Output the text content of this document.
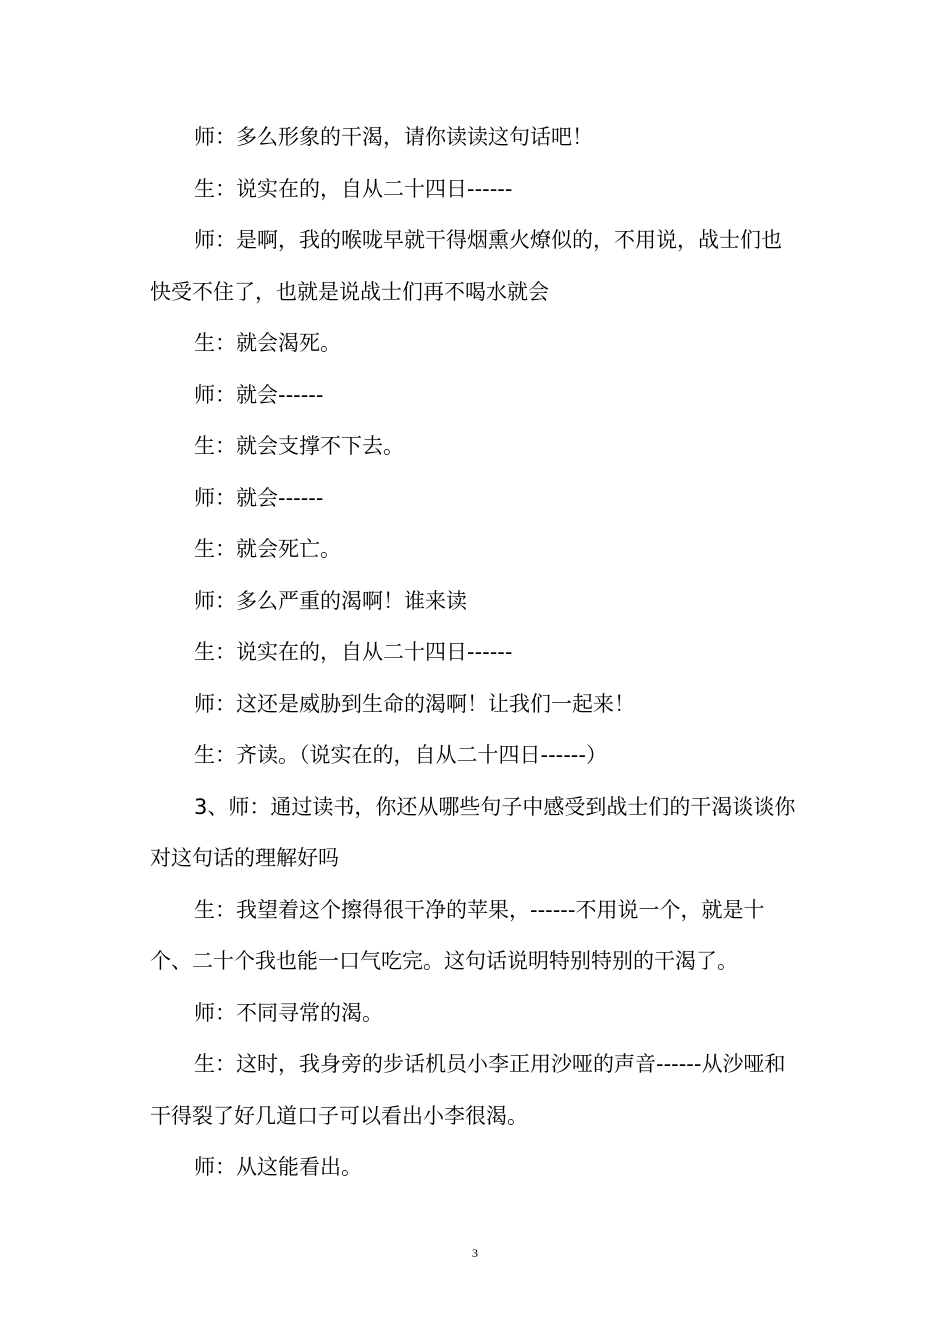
师：多么形象的干渴，请你读读这句话吧！

生：说实在的，自从二十四日------

师：是啊，我的喉咙早就干得烟熏火燎似的，不用说，战士们也快受不住了，也就是说战士们再不喝水就会

生：就会渴死。

师：就会------

生：就会支撑不下去。

师：就会------

生：就会死亡。

师：多么严重的渴啊！谁来读

生：说实在的，自从二十四日------

师：这还是威胁到生命的渴啊！让我们一起来！

生：齐读。（说实在的，自从二十四日------）

3、师：通过读书，你还从哪些句子中感受到战士们的干渴谈谈你对这句话的理解好吗

生：我望着这个擦得很干净的苹果，------不用说一个，就是十个、二十个我也能一口气吃完。这句话说明特别特别的干渴了。

师：不同寻常的渴。

生：这时，我身旁的步话机员小李正用沙哑的声音------从沙哑和干得裂了好几道口子可以看出小李很渴。

师：从这能看出。

3
